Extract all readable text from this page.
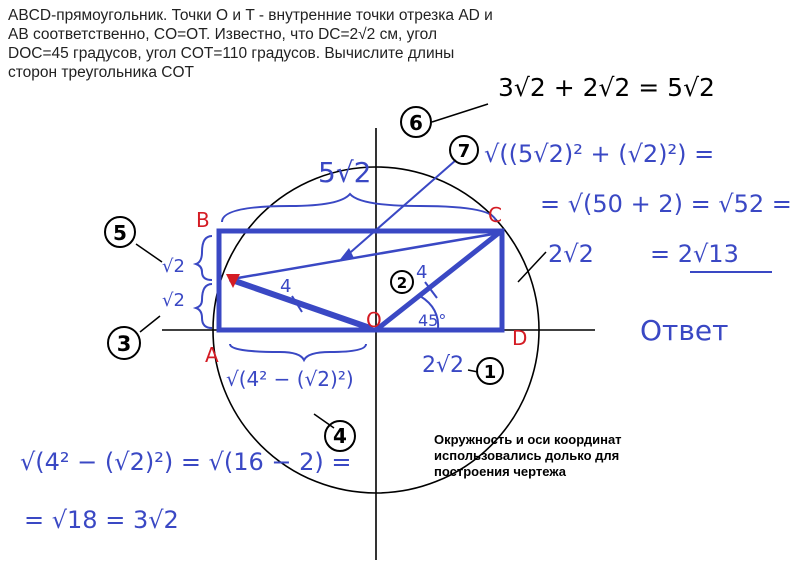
1
2
3
4
5
6
7
B	C
A
D
O
5√2
√2
√2
4
4
45°
2√2
2√2
√(4² − (√2)²)
3√2 + 2√2 = 5√2
√((5√2)² + (√2)²) =
= √(50 + 2) = √52 =
= 2√13
Ответ
√(4² − (√2)²) = √(16 − 2) =
= √18 = 3√2
ABCD-прямоугольник. Точки O и T - внутренние точки отрезка AD и AB соответственно, CO=OT. Известно, что DC=2√2 см, угол DOC=45 градусов, угол COT=110 градусов. Вычислите длины сторон треугольника COT
Окружность и оси координат использовались долько для построения чертежа
